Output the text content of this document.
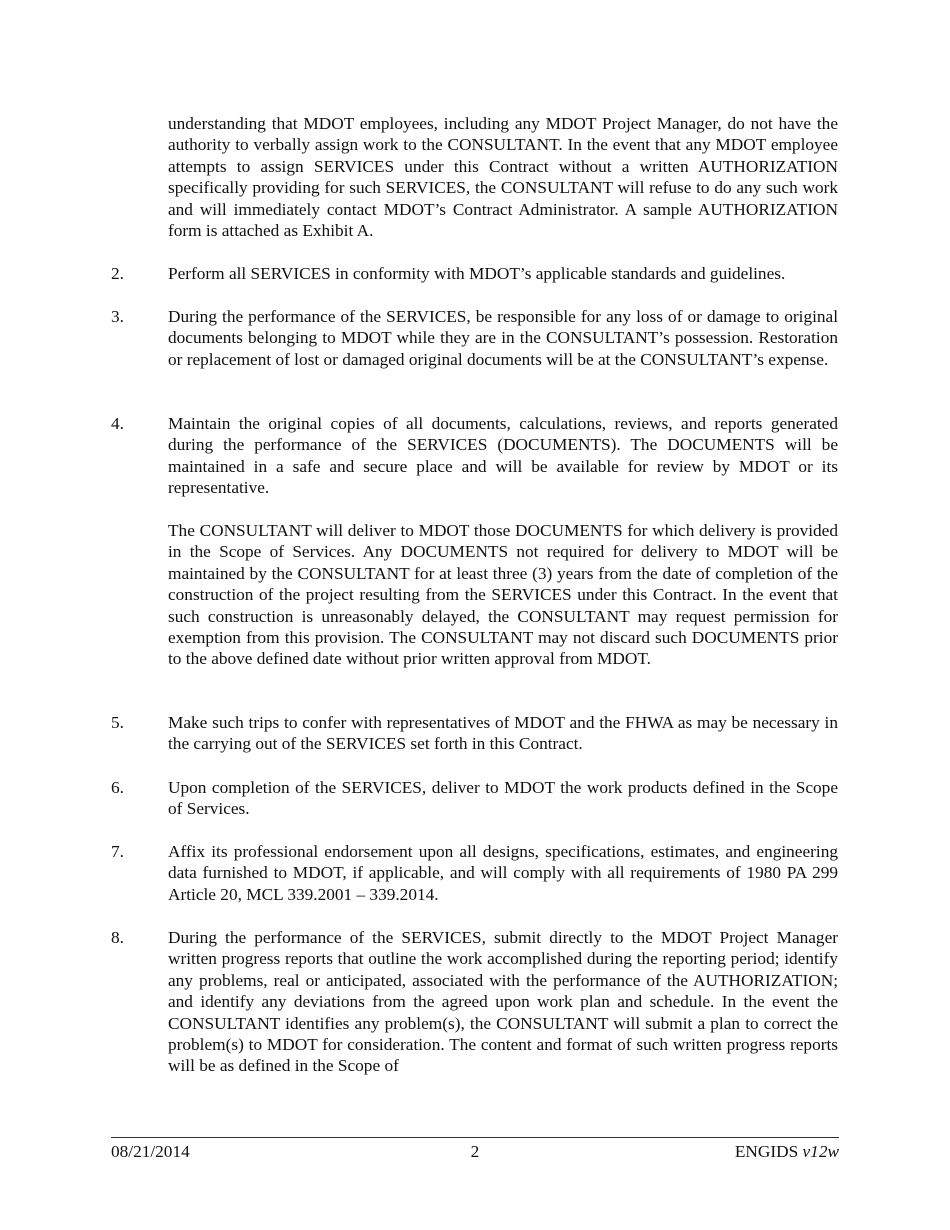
understanding that MDOT employees, including any MDOT Project Manager, do not have the authority to verbally assign work to the CONSULTANT. In the event that any MDOT employee attempts to assign SERVICES under this Contract without a written AUTHORIZATION specifically providing for such SERVICES, the CONSULTANT will refuse to do any such work and will immediately contact MDOT’s Contract Administrator. A sample AUTHORIZATION form is attached as Exhibit A.
2.	Perform all SERVICES in conformity with MDOT’s applicable standards and guidelines.
3.	During the performance of the SERVICES, be responsible for any loss of or damage to original documents belonging to MDOT while they are in the CONSULTANT’s possession. Restoration or replacement of lost or damaged original documents will be at the CONSULTANT’s expense.
4.	Maintain the original copies of all documents, calculations, reviews, and reports generated during the performance of the SERVICES (DOCUMENTS). The DOCUMENTS will be maintained in a safe and secure place and will be available for review by MDOT or its representative.
The CONSULTANT will deliver to MDOT those DOCUMENTS for which delivery is provided in the Scope of Services. Any DOCUMENTS not required for delivery to MDOT will be maintained by the CONSULTANT for at least three (3) years from the date of completion of the construction of the project resulting from the SERVICES under this Contract. In the event that such construction is unreasonably delayed, the CONSULTANT may request permission for exemption from this provision. The CONSULTANT may not discard such DOCUMENTS prior to the above defined date without prior written approval from MDOT.
5.	Make such trips to confer with representatives of MDOT and the FHWA as may be necessary in the carrying out of the SERVICES set forth in this Contract.
6.	Upon completion of the SERVICES, deliver to MDOT the work products defined in the Scope of Services.
7.	Affix its professional endorsement upon all designs, specifications, estimates, and engineering data furnished to MDOT, if applicable, and will comply with all requirements of 1980 PA 299 Article 20, MCL 339.2001 – 339.2014.
8.	During the performance of the SERVICES, submit directly to the MDOT Project Manager written progress reports that outline the work accomplished during the reporting period; identify any problems, real or anticipated, associated with the performance of the AUTHORIZATION; and identify any deviations from the agreed upon work plan and schedule. In the event the CONSULTANT identifies any problem(s), the CONSULTANT will submit a plan to correct the problem(s) to MDOT for consideration. The content and format of such written progress reports will be as defined in the Scope of
08/21/2014	2	ENGIDS v12w
